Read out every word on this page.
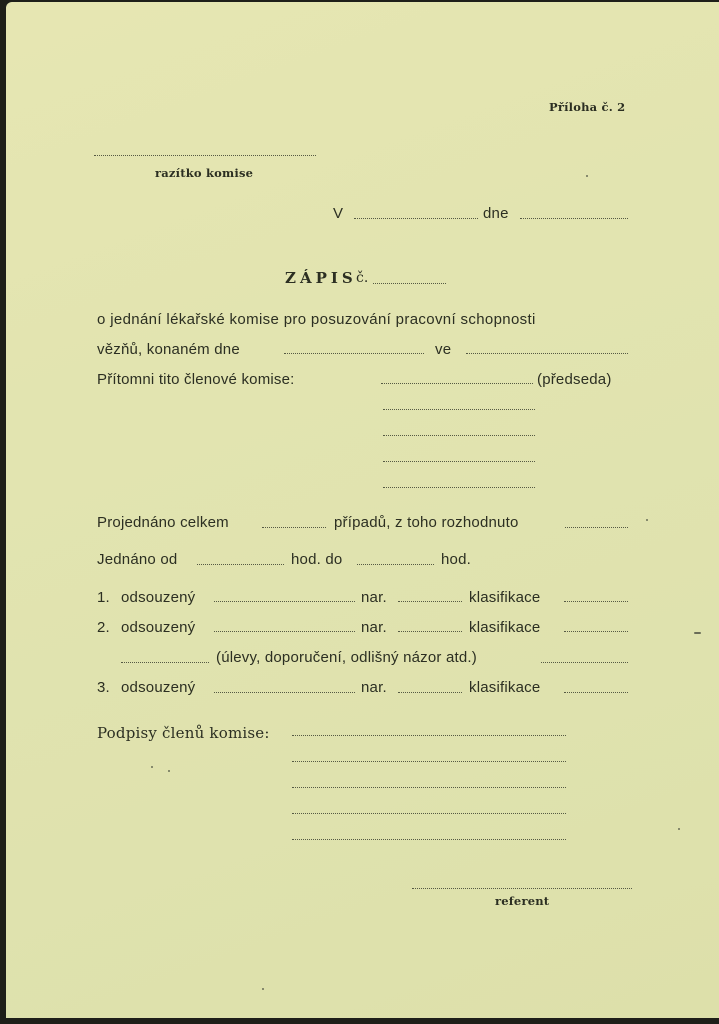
Příloha č. 2
razítko komise
V	dne
ZÁPIS č.
o jednání lékařské komise pro posuzování pracovní schopnosti
vězňů, konaném dne	ve
Přítomni tito členové komise:	(předseda)
Projednáno celkem	případů, z toho rozhodnuto
Jednáno od	hod. do	hod.
1. odsouzený	nar.	klasifikace
2. odsouzený	nar.	klasifikace
(úlevy, doporučení, odlišný názor atd.)
3. odsouzený	nar.	klasifikace
Podpisy členů komise:
referent
